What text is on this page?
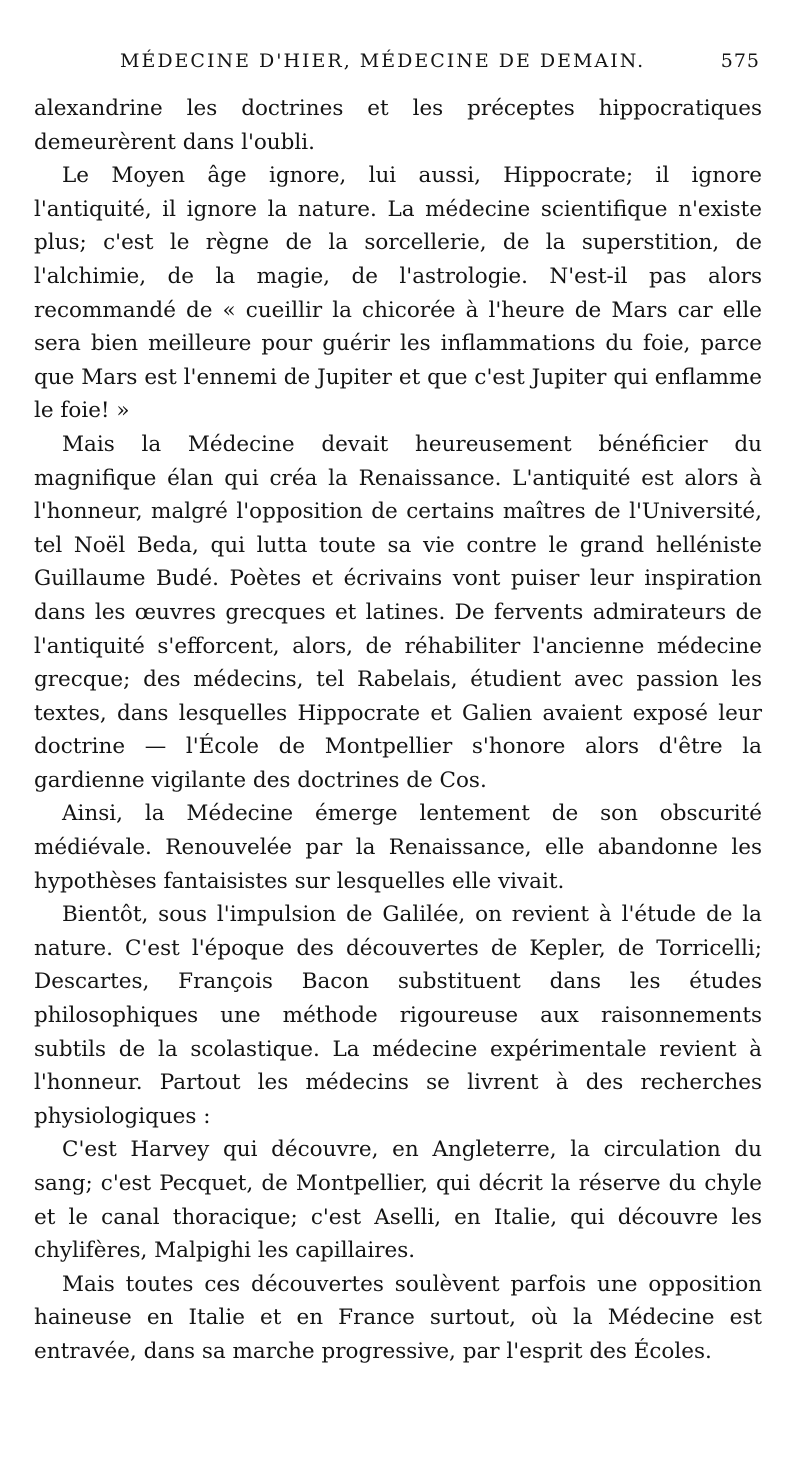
MÉDECINE D'HIER, MÉDECINE DE DEMAIN.	575

alexandrine les doctrines et les préceptes hippocratiques demeurèrent dans l'oubli.

Le Moyen âge ignore, lui aussi, Hippocrate; il ignore l'antiquité, il ignore la nature. La médecine scientifique n'existe plus; c'est le règne de la sorcellerie, de la superstition, de l'alchimie, de la magie, de l'astrologie. N'est-il pas alors recommandé de « cueillir la chicorée à l'heure de Mars car elle sera bien meilleure pour guérir les inflammations du foie, parce que Mars est l'ennemi de Jupiter et que c'est Jupiter qui enflamme le foie! »

Mais la Médecine devait heureusement bénéficier du magnifique élan qui créa la Renaissance. L'antiquité est alors à l'honneur, malgré l'opposition de certains maîtres de l'Université, tel Noël Beda, qui lutta toute sa vie contre le grand helléniste Guillaume Budé. Poètes et écrivains vont puiser leur inspiration dans les œuvres grecques et latines. De fervents admirateurs de l'antiquité s'efforcent, alors, de réhabiliter l'ancienne médecine grecque; des médecins, tel Rabelais, étudient avec passion les textes, dans lesquelles Hippocrate et Galien avaient exposé leur doctrine — l'École de Montpellier s'honore alors d'être la gardienne vigilante des doctrines de Cos.

Ainsi, la Médecine émerge lentement de son obscurité médiévale. Renouvelée par la Renaissance, elle abandonne les hypothèses fantaisistes sur lesquelles elle vivait.

Bientôt, sous l'impulsion de Galilée, on revient à l'étude de la nature. C'est l'époque des découvertes de Kepler, de Torricelli; Descartes, François Bacon substituent dans les études philosophiques une méthode rigoureuse aux raisonnements subtils de la scolastique. La médecine expérimentale revient à l'honneur. Partout les médecins se livrent à des recherches physiologiques :

C'est Harvey qui découvre, en Angleterre, la circulation du sang; c'est Pecquet, de Montpellier, qui décrit la réserve du chyle et le canal thoracique; c'est Aselli, en Italie, qui découvre les chylifères, Malpighi les capillaires.

Mais toutes ces découvertes soulèvent parfois une opposition haineuse en Italie et en France surtout, où la Médecine est entravée, dans sa marche progressive, par l'esprit des Écoles.
